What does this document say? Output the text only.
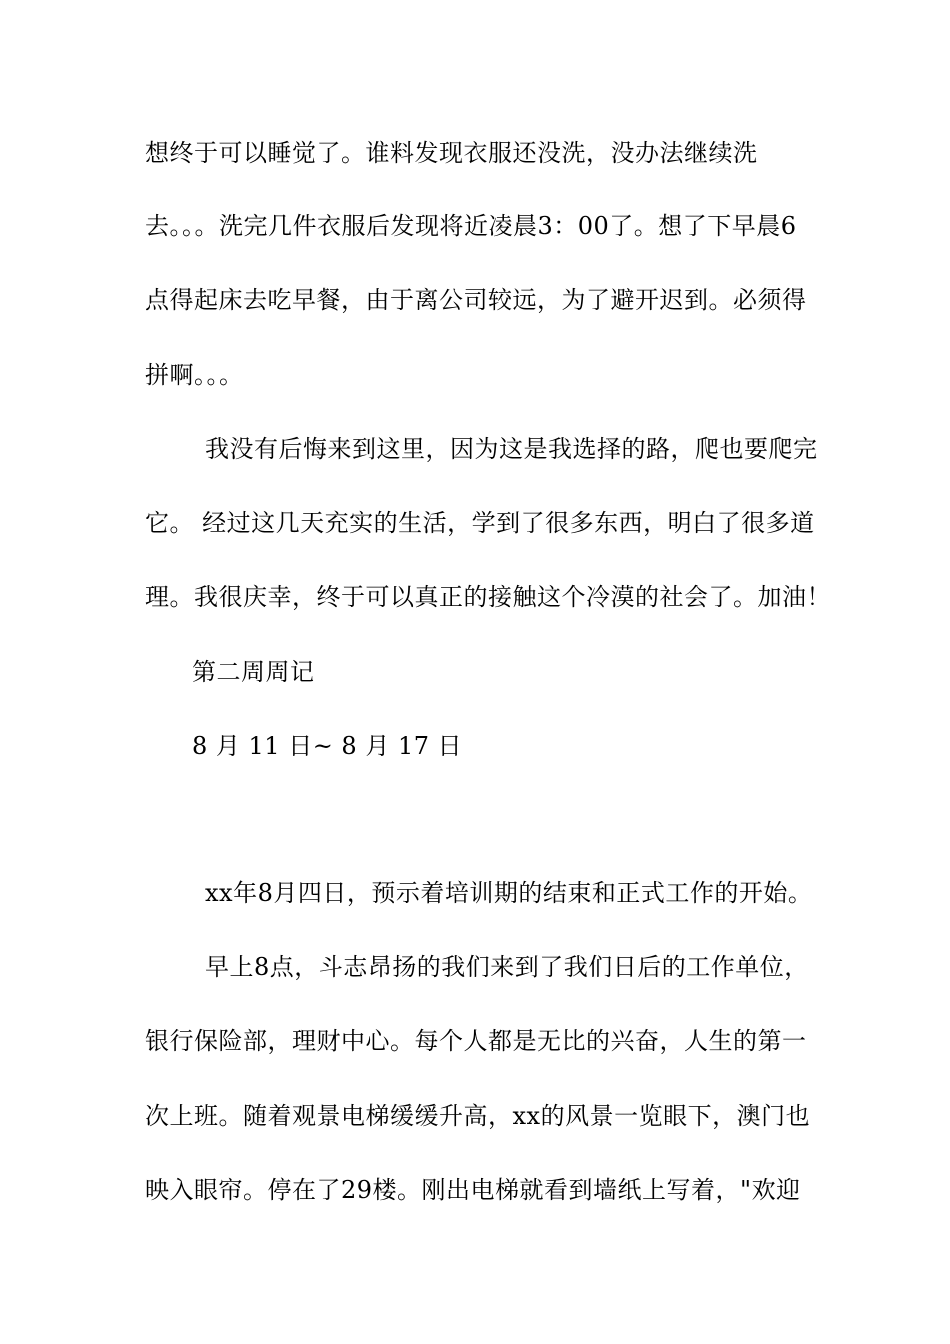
想终于可以睡觉了。谁料发现衣服还没洗，没办法继续洗
去。。。洗完几件衣服后发现将近凌晨3：00了。想了下早晨6
点得起床去吃早餐，由于离公司较远，为了避开迟到。必须得
拼啊。。。
我没有后悔来到这里，因为这是我选择的路，爬也要爬完
它。 经过这几天充实的生活，学到了很多东西，明白了很多道
理。我很庆幸，终于可以真正的接触这个冷漠的社会了。加油！
第二周周记
8 月 11 日~ 8 月 17 日
xx年8月四日，预示着培训期的结束和正式工作的开始。
早上8点，斗志昂扬的我们来到了我们日后的工作单位，
银行保险部，理财中心。每个人都是无比的兴奋，人生的第一
次上班。随着观景电梯缓缓升高，xx的风景一览眼下，澳门也
映入眼帘。停在了29楼。刚出电梯就看到墙纸上写着，"欢迎
